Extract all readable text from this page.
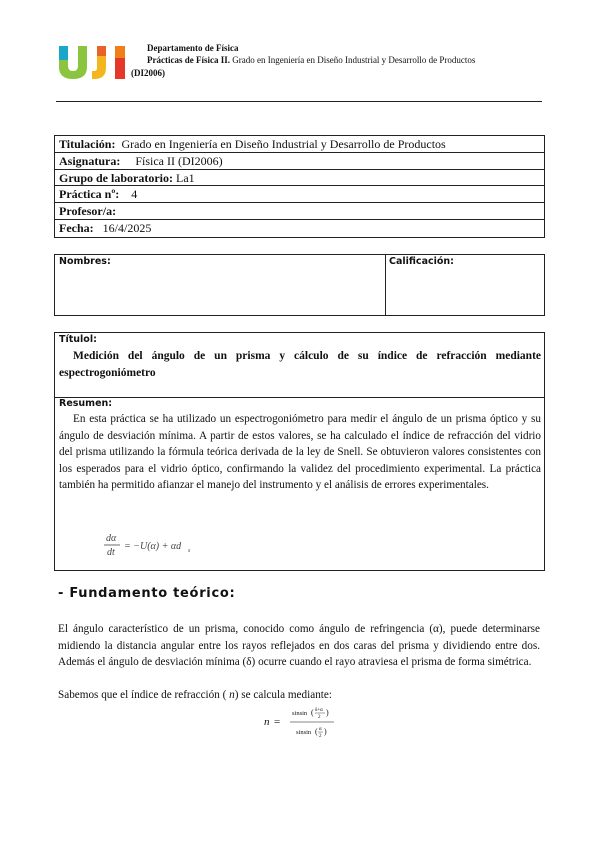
Departamento de Física
Prácticas de Física II. Grado en Ingeniería en Diseño Industrial y Desarrollo de Productos
(DI2006)
Titulación: Grado en Ingeniería en Diseño Industrial y Desarrollo de Productos
Asignatura: Física II (DI2006)
Grupo de laboratorio: La1
Práctica nº: 4
Profesor/a:
Fecha: 16/4/2025
Nombres:	Calificación:
Títulol:
Medición del ángulo de un prisma y cálculo de su índice de refracción mediante espectrogoniómetro
Resumen:
En esta práctica se ha utilizado un espectrogoniómetro para medir el ángulo de un prisma óptico y su ángulo de desviación mínima. A partir de estos valores, se ha calculado el índice de refracción del vidrio del prisma utilizando la fórmula teórica derivada de la ley de Snell. Se obtuvieron valores consistentes con los esperados para el vidrio óptico, confirmando la validez del procedimiento experimental. La práctica también ha permitido afianzar el manejo del instrumento y el análisis de errores experimentales.
dα
dt
= −U(α) + αd s
- Fundamento teórico:
El ángulo característico de un prisma, conocido como ángulo de refringencia (α), puede determinarse midiendo la distancia angular entre los rayos reflejados en dos caras del prisma y dividiendo entre dos. Además el ángulo de desviación mínima (δ) ocurre cuando el rayo atraviesa el prisma de forma simétrica.
Sabemos que el índice de refracción ( n) se calcula mediante:
n =
sinsin ( δ+α
2
)
sinsin ( α
2
)
